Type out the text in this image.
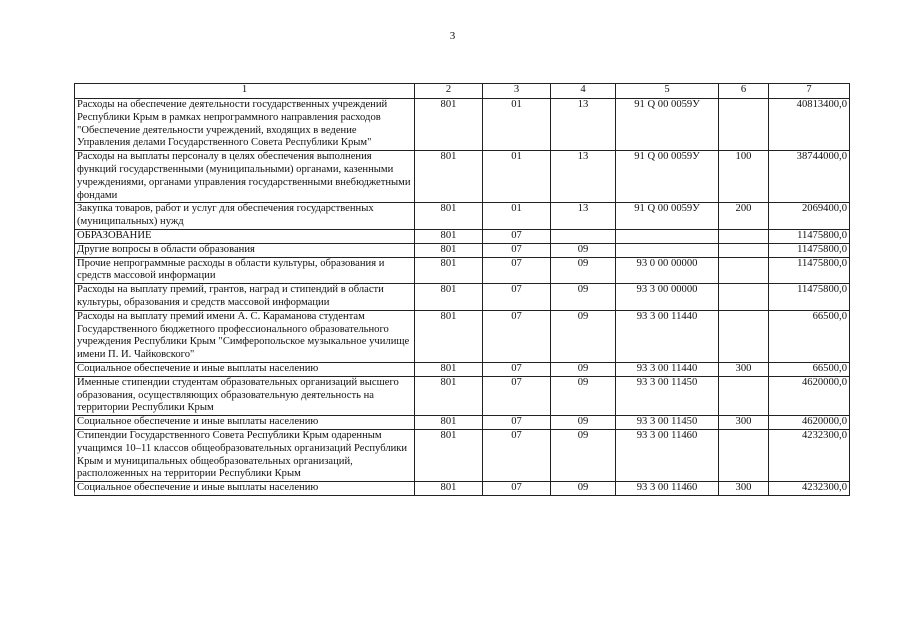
3
1	2	3	4	5	6	7
Расходы на обеспечение деятельности государственных учреждений Республики Крым в рамках непрограммного направления расходов "Обеспечение деятельности учреждений, входящих в ведение Управления делами Государственного Совета Республики Крым"	801	01	13	91 Q 00 0059У		40813400,0
Расходы на выплаты персоналу в целях обеспечения выполнения функций государственными (муниципальными) органами, казенными учреждениями, органами управления государственными внебюджетными фондами	801	01	13	91 Q 00 0059У	100	38744000,0
Закупка товаров, работ и услуг для обеспечения государственных (муниципальных) нужд	801	01	13	91 Q 00 0059У	200	2069400,0
ОБРАЗОВАНИЕ	801	07				11475800,0
Другие вопросы в области образования	801	07	09			11475800,0
Прочие непрограммные расходы в области культуры, образования и средств массовой информации	801	07	09	93 0 00 00000		11475800,0
Расходы на выплату премий, грантов, наград и стипендий в области культуры, образования и средств массовой информации	801	07	09	93 3 00 00000		11475800,0
Расходы на выплату премий имени А. С. Караманова студентам Государственного бюджетного профессионального образовательного учреждения Республики Крым "Симферопольское музыкальное училище имени П. И. Чайковского"	801	07	09	93 3 00 11440		66500,0
Социальное обеспечение и иные выплаты населению	801	07	09	93 3 00 11440	300	66500,0
Именные стипендии студентам образовательных организаций высшего образования, осуществляющих образовательную деятельность на территории Республики Крым	801	07	09	93 3 00 11450		4620000,0
Социальное обеспечение и иные выплаты населению	801	07	09	93 3 00 11450	300	4620000,0
Стипендии Государственного Совета Республики Крым одаренным учащимся 10–11 классов общеобразовательных организаций Республики Крым и муниципальных общеобразовательных организаций, расположенных на территории Республики Крым	801	07	09	93 3 00 11460		4232300,0
Социальное обеспечение и иные выплаты населению	801	07	09	93 3 00 11460	300	4232300,0
